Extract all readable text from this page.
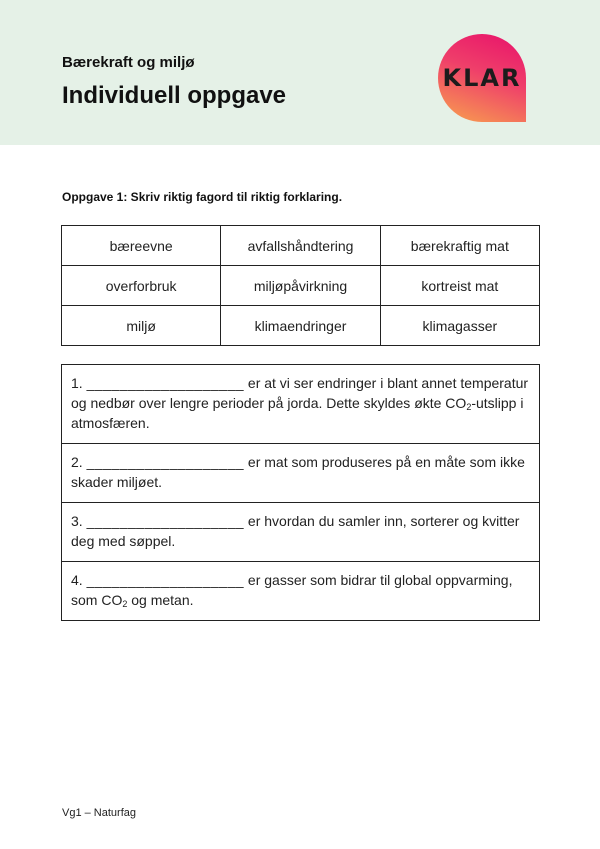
Bærekraft og miljø
Individuell oppgave
KLAR
Oppgave 1: Skriv riktig fagord til riktig forklaring.
bæreevne	avfallshåndtering	bærekraftig mat
overforbruk	miljøpåvirkning	kortreist mat
miljø	klimaendringer	klimagasser
1. ___________________ er at vi ser endringer i blant annet temperatur og nedbør over lengre perioder på jorda. Dette skyldes økte $CO_2$-utslipp i atmosfæren.
2. ___________________ er mat som produseres på en måte som ikke skader miljøet.
3. ___________________ er hvordan du samler inn, sorterer og kvitter deg med søppel.
4. ___________________ er gasser som bidrar til global oppvarming, som $CO_2$ og metan.
Vg1 – Naturfag
